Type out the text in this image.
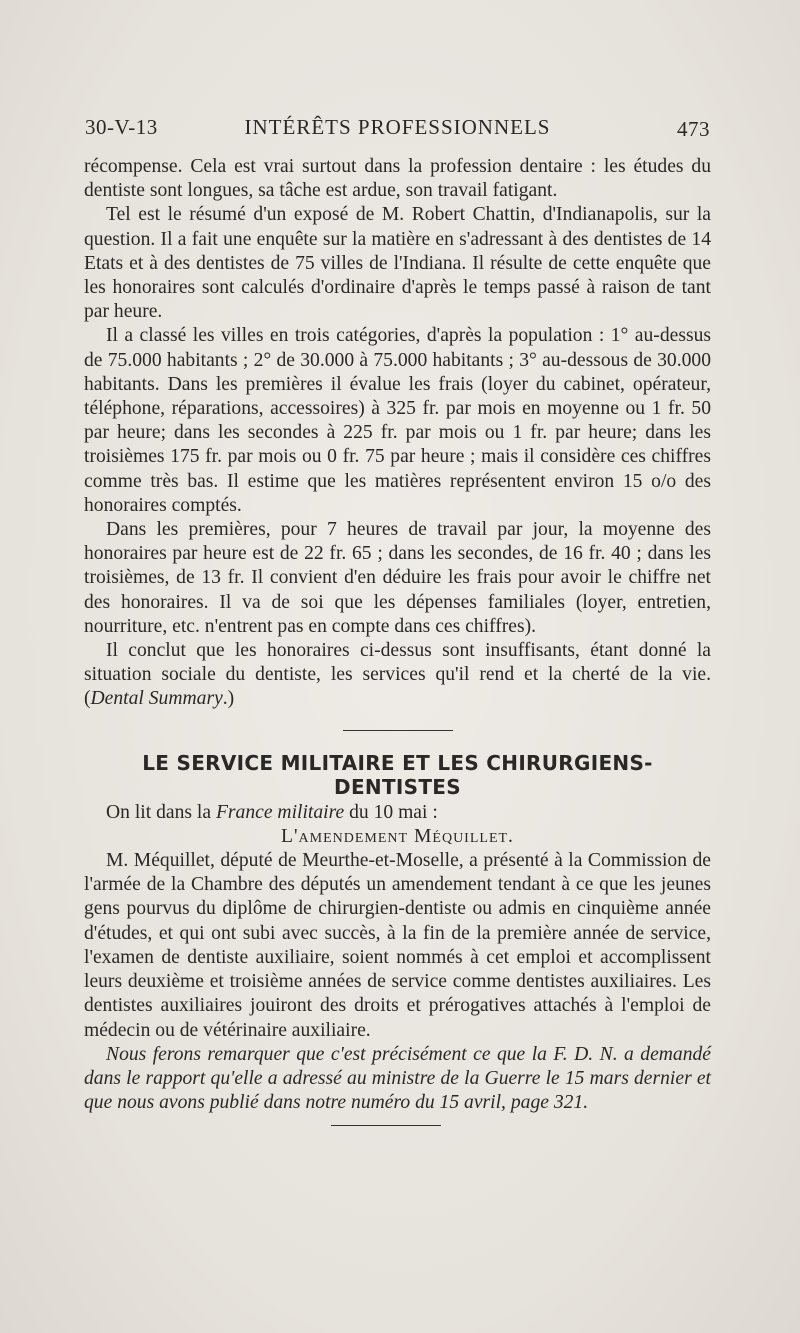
30-V-13	INTÉRÊTS PROFESSIONNELS	473

récompense. Cela est vrai surtout dans la profession dentaire : les études du dentiste sont longues, sa tâche est ardue, son travail fatigant.

Tel est le résumé d'un exposé de M. Robert Chattin, d'Indianapolis, sur la question. Il a fait une enquête sur la matière en s'adressant à des dentistes de 14 Etats et à des dentistes de 75 villes de l'Indiana. Il résulte de cette enquête que les honoraires sont calculés d'ordinaire d'après le temps passé à raison de tant par heure.

Il a classé les villes en trois catégories, d'après la population : 1° au-dessus de 75.000 habitants ; 2° de 30.000 à 75.000 habitants ; 3° au-dessous de 30.000 habitants. Dans les premières il évalue les frais (loyer du cabinet, opérateur, téléphone, réparations, accessoires) à 325 fr. par mois en moyenne ou 1 fr. 50 par heure; dans les secondes à 225 fr. par mois ou 1 fr. par heure; dans les troisièmes 175 fr. par mois ou 0 fr. 75 par heure ; mais il considère ces chiffres comme très bas. Il estime que les matières représentent environ 15 o/o des honoraires comptés.

Dans les premières, pour 7 heures de travail par jour, la moyenne des honoraires par heure est de 22 fr. 65 ; dans les secondes, de 16 fr. 40 ; dans les troisièmes, de 13 fr. Il convient d'en déduire les frais pour avoir le chiffre net des honoraires. Il va de soi que les dépenses familiales (loyer, entretien, nourriture, etc. n'entrent pas en compte dans ces chiffres).

Il conclut que les honoraires ci-dessus sont insuffisants, étant donné la situation sociale du dentiste, les services qu'il rend et la cherté de la vie. (Dental Summary.)

LE SERVICE MILITAIRE ET LES CHIRURGIENS-
DENTISTES

On lit dans la France militaire du 10 mai :

L'amendement Méquillet.

M. Méquillet, député de Meurthe-et-Moselle, a présenté à la Commission de l'armée de la Chambre des députés un amendement tendant à ce que les jeunes gens pourvus du diplôme de chirurgien-dentiste ou admis en cinquième année d'études, et qui ont subi avec succès, à la fin de la première année de service, l'examen de dentiste auxiliaire, soient nommés à cet emploi et accomplissent leurs deuxième et troisième années de service comme dentistes auxiliaires. Les dentistes auxiliaires jouiront des droits et prérogatives attachés à l'emploi de médecin ou de vétérinaire auxiliaire.

Nous ferons remarquer que c'est précisément ce que la F. D. N. a demandé dans le rapport qu'elle a adressé au ministre de la Guerre le 15 mars dernier et que nous avons publié dans notre numéro du 15 avril, page 321.
